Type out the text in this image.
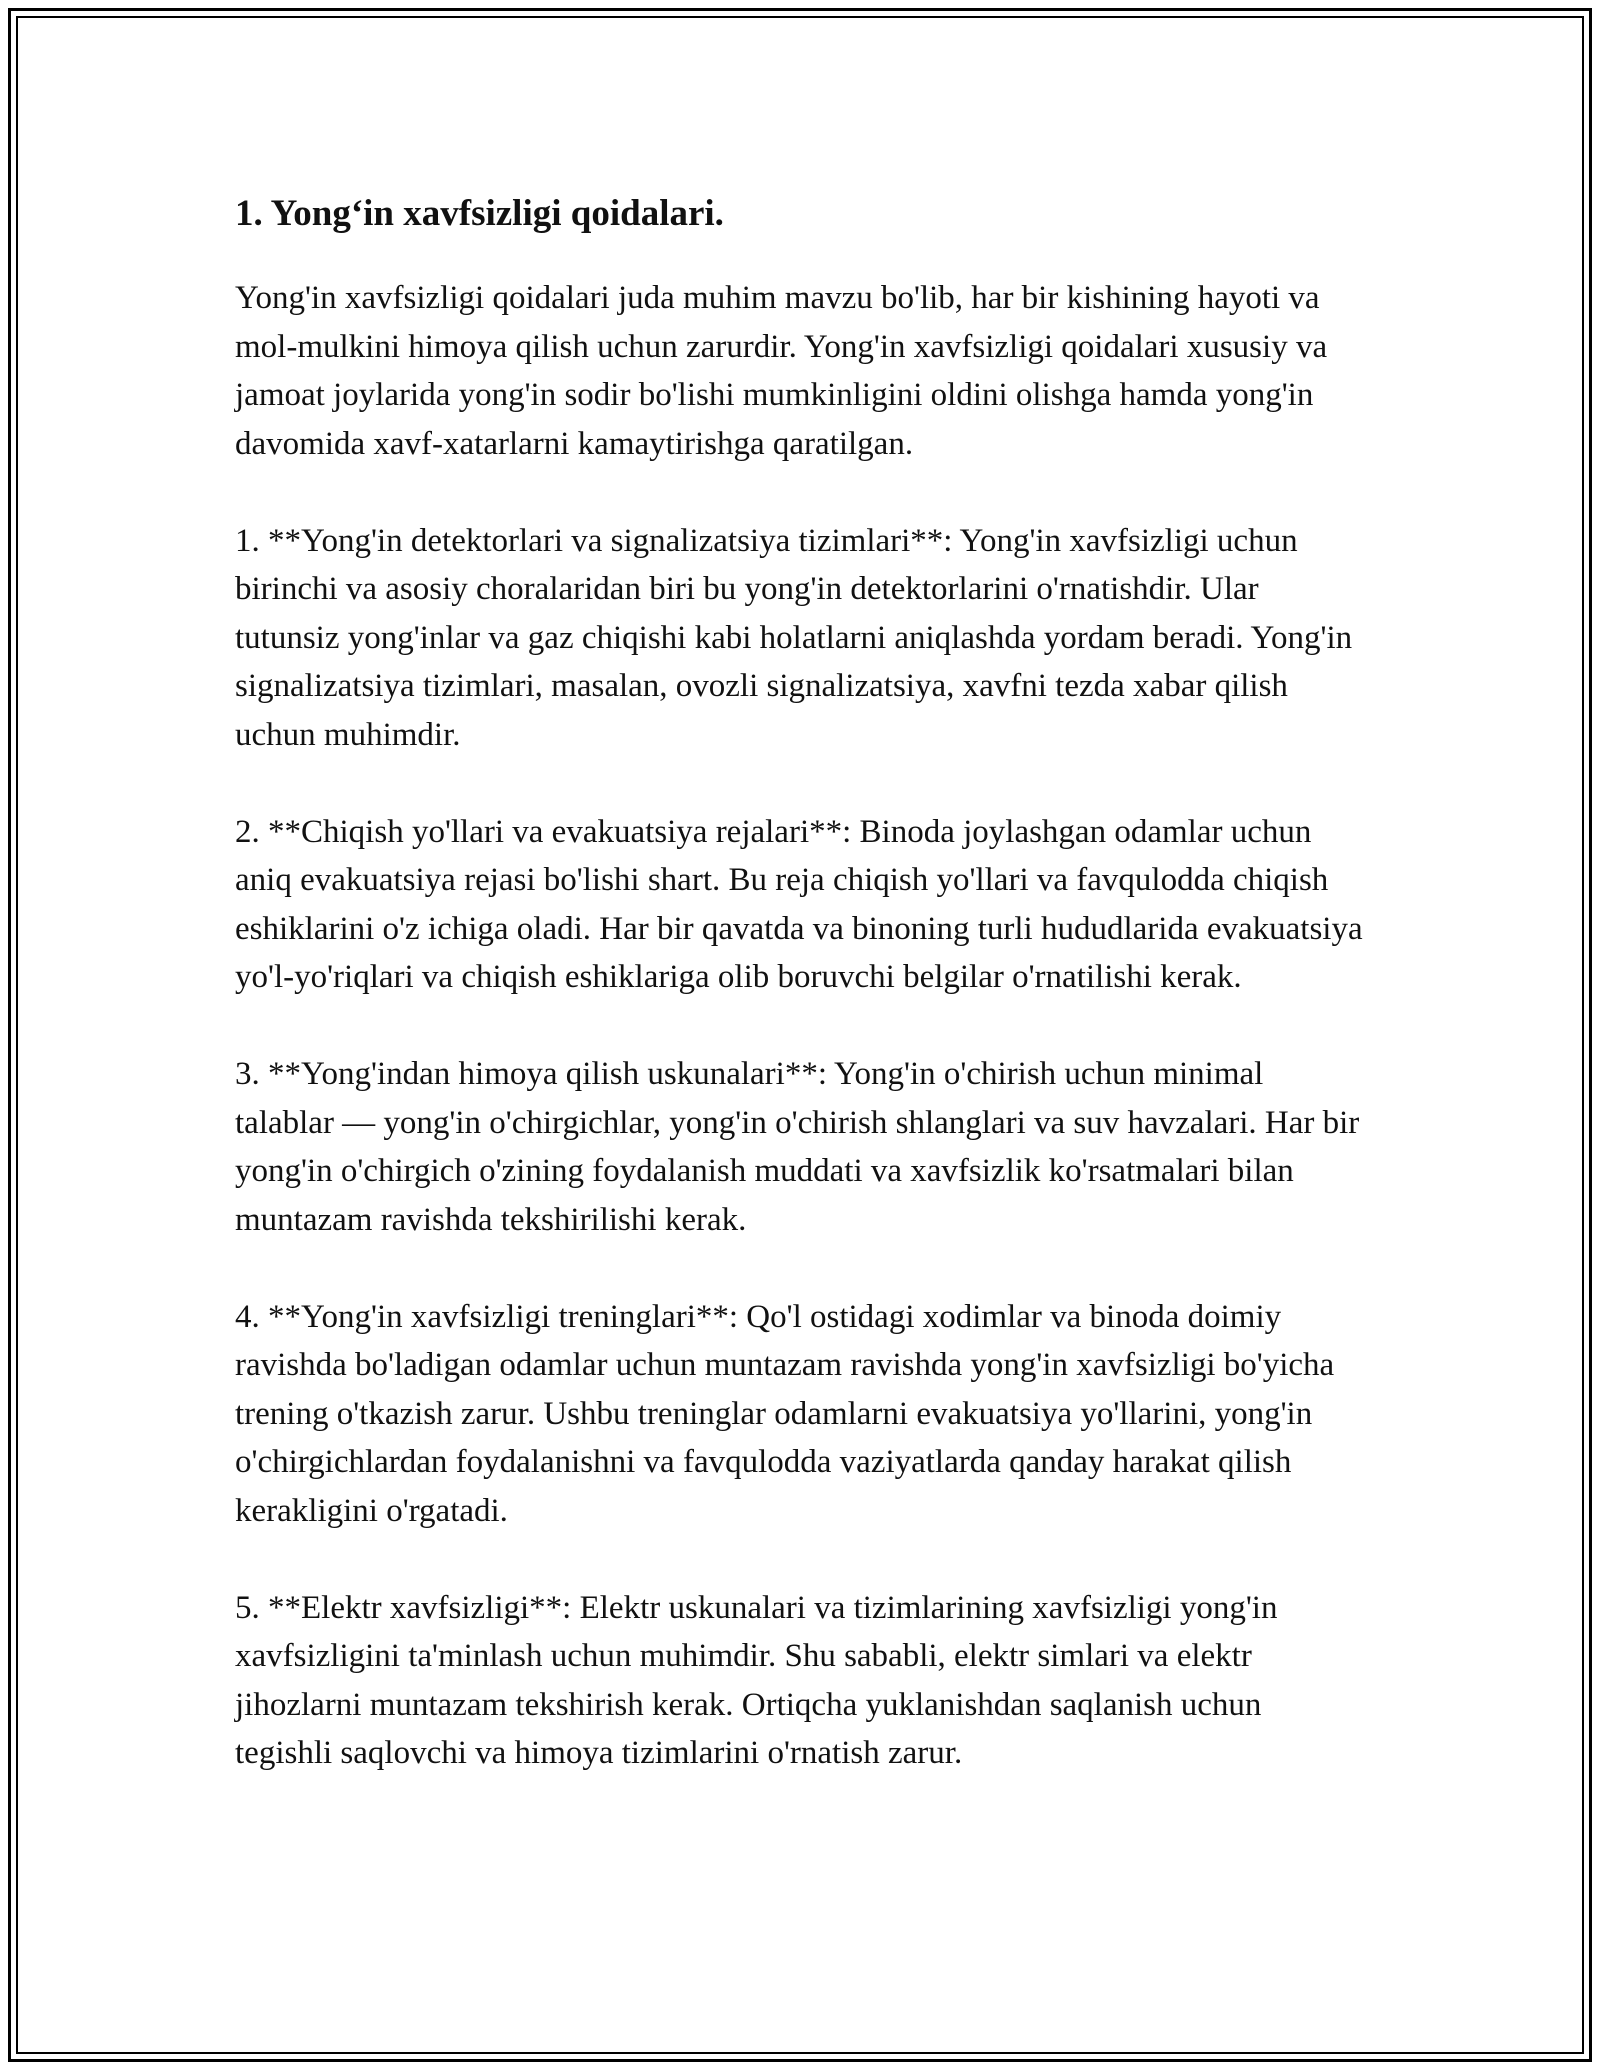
1. Yong‘in xavfsizligi qoidalari.

Yong'in xavfsizligi qoidalari juda muhim mavzu bo'lib, har bir kishining hayoti va mol-mulkini himoya qilish uchun zarurdir. Yong'in xavfsizligi qoidalari xususiy va jamoat joylarida yong'in sodir bo'lishi mumkinligini oldini olishga hamda yong'in davomida xavf-xatarlarni kamaytirishga qaratilgan.

1. **Yong'in detektorlari va signalizatsiya tizimlari**: Yong'in xavfsizligi uchun birinchi va asosiy choralaridan biri bu yong'in detektorlarini o'rnatishdir. Ular tutunsiz yong'inlar va gaz chiqishi kabi holatlarni aniqlashda yordam beradi. Yong'in signalizatsiya tizimlari, masalan, ovozli signalizatsiya, xavfni tezda xabar qilish uchun muhimdir.

2. **Chiqish yo'llari va evakuatsiya rejalari**: Binoda joylashgan odamlar uchun aniq evakuatsiya rejasi bo'lishi shart. Bu reja chiqish yo'llari va favqulodda chiqish eshiklarini o'z ichiga oladi. Har bir qavatda va binoning turli hududlarida evakuatsiya yo'l-yo'riqlari va chiqish eshiklariga olib boruvchi belgilar o'rnatilishi kerak.

3. **Yong'indan himoya qilish uskunalari**: Yong'in o'chirish uchun minimal talablar — yong'in o'chirgichlar, yong'in o'chirish shlanglari va suv havzalari. Har bir yong'in o'chirgich o'zining foydalanish muddati va xavfsizlik ko'rsatmalari bilan muntazam ravishda tekshirilishi kerak.

4. **Yong'in xavfsizligi treninglari**: Qo'l ostidagi xodimlar va binoda doimiy ravishda bo'ladigan odamlar uchun muntazam ravishda yong'in xavfsizligi bo'yicha trening o'tkazish zarur. Ushbu treninglar odamlarni evakuatsiya yo'llarini, yong'in o'chirgichlardan foydalanishni va favqulodda vaziyatlarda qanday harakat qilish kerakligini o'rgatadi.

5. **Elektr xavfsizligi**: Elektr uskunalari va tizimlarining xavfsizligi yong'in xavfsizligini ta'minlash uchun muhimdir. Shu sababli, elektr simlari va elektr jihozlarni muntazam tekshirish kerak. Ortiqcha yuklanishdan saqlanish uchun tegishli saqlovchi va himoya tizimlarini o'rnatish zarur.
